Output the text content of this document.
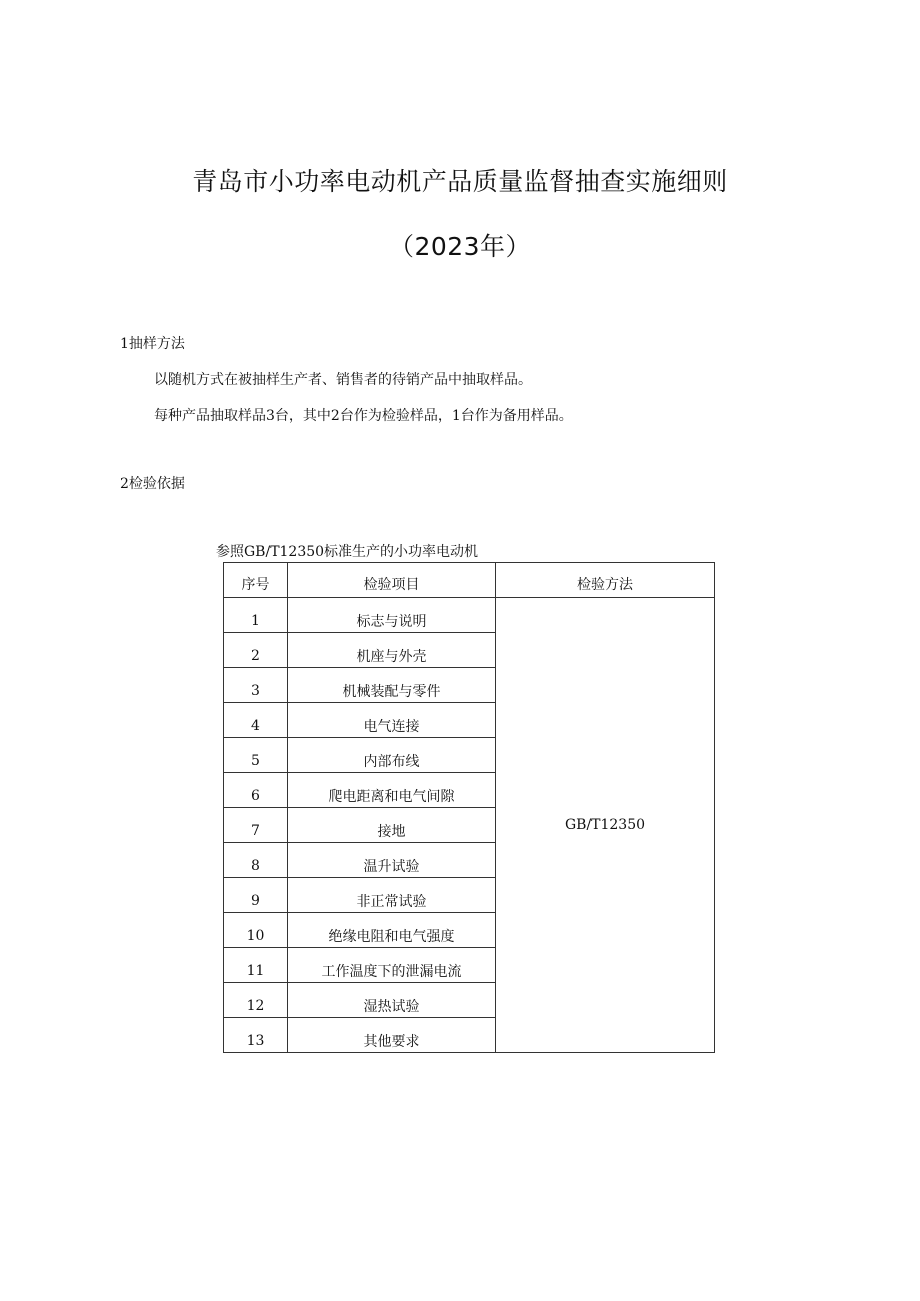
青岛市小功率电动机产品质量监督抽查实施细则
（2023年）
1抽样方法

以随机方式在被抽样生产者、销售者的待销产品中抽取样品。

每种产品抽取样品3台，其中2台作为检验样品，1台作为备用样品。

2检验依据

参照GB/T12350标准生产的小功率电动机

序号	检验项目	检验方法
1	标志与说明	GB/T12350
2	机座与外壳	
3	机械装配与零件	
4	电气连接	
5	内部布线	
6	爬电距离和电气间隙	
7	接地	
8	温升试验	
9	非正常试验	
10	绝缘电阻和电气强度	
11	工作温度下的泄漏电流	
12	湿热试验	
13	其他要求	
